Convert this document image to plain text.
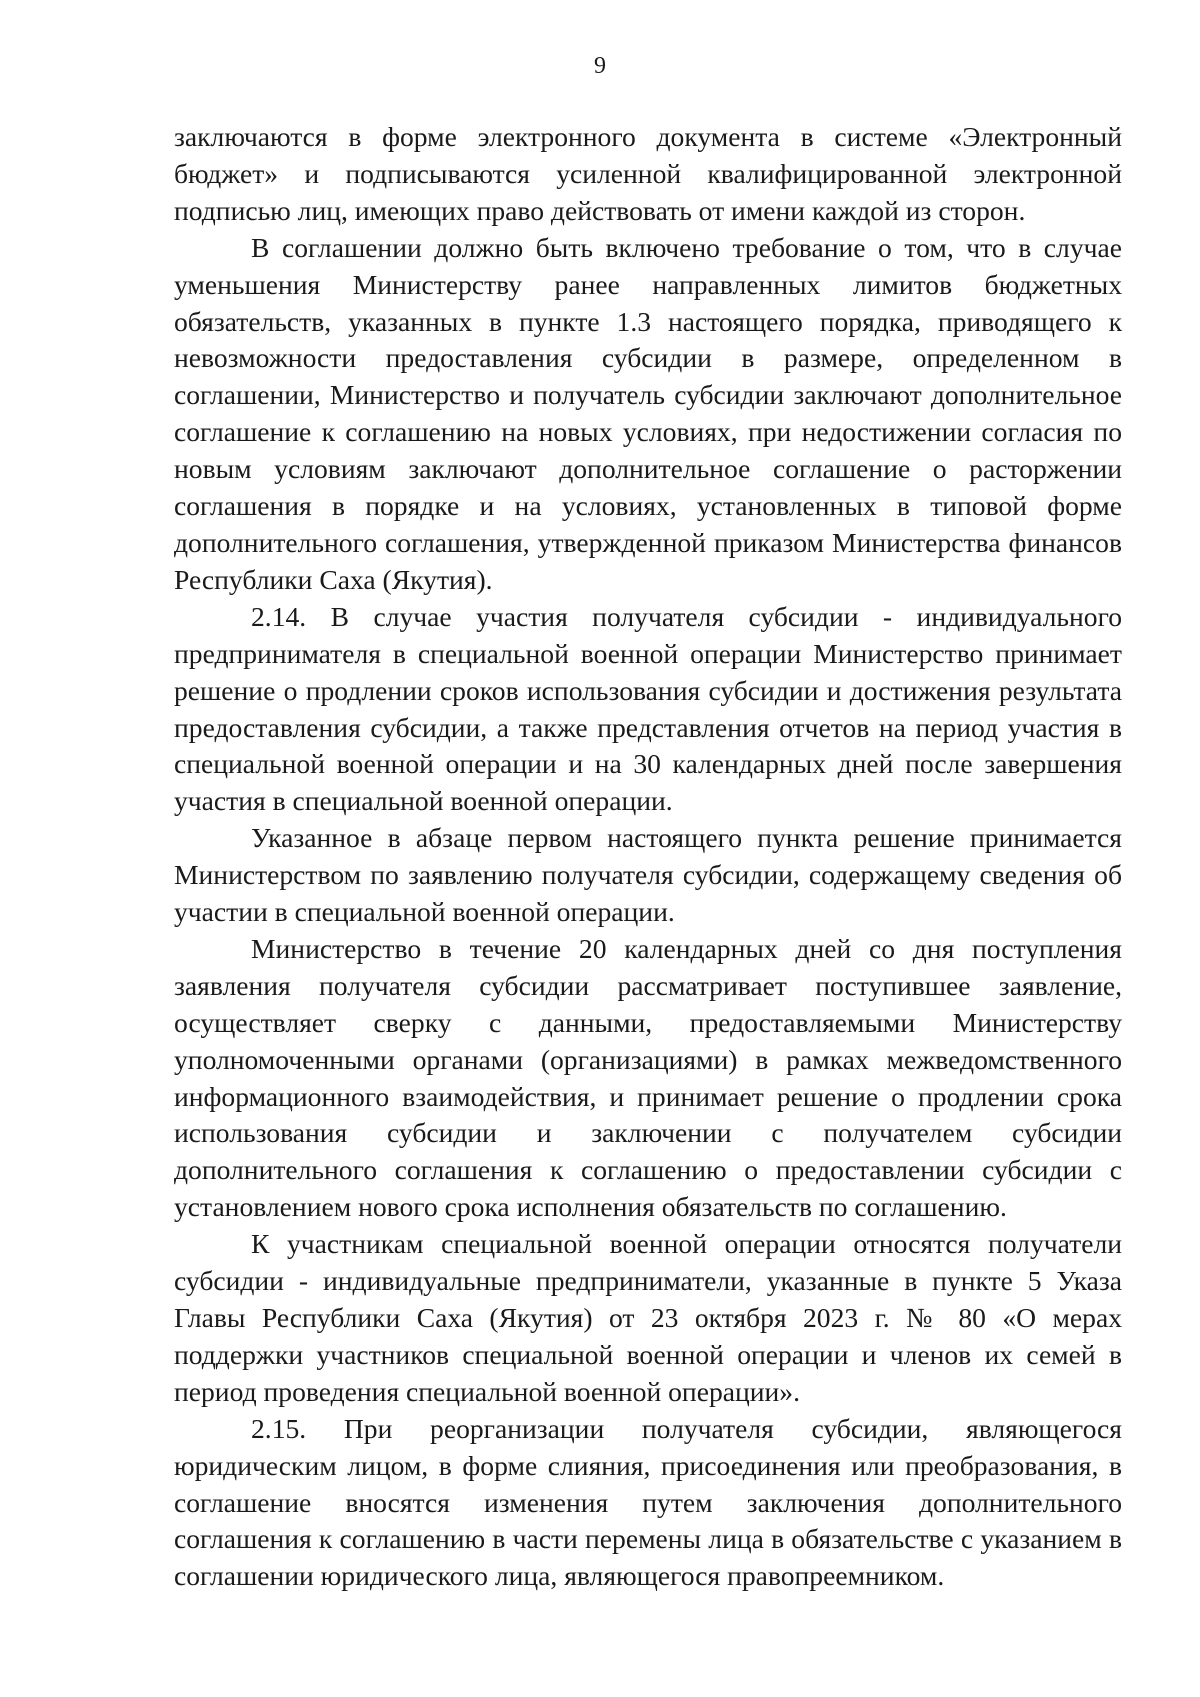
9

заключаются в форме электронного документа в системе «Электронный бюджет» и подписываются усиленной квалифицированной электронной подписью лиц, имеющих право действовать от имени каждой из сторон.

В соглашении должно быть включено требование о том, что в случае уменьшения Министерству ранее направленных лимитов бюджетных обязательств, указанных в пункте 1.3 настоящего порядка, приводящего к невозможности предоставления субсидии в размере, определенном в соглашении, Министерство и получатель субсидии заключают дополнительное соглашение к соглашению на новых условиях, при недостижении согласия по новым условиям заключают дополнительное соглашение о расторжении соглашения в порядке и на условиях, установленных в типовой форме дополнительного соглашения, утвержденной приказом Министерства финансов Республики Саха (Якутия).

2.14. В случае участия получателя субсидии - индивидуального предпринимателя в специальной военной операции Министерство принимает решение о продлении сроков использования субсидии и достижения результата предоставления субсидии, а также представления отчетов на период участия в специальной военной операции и на 30 календарных дней после завершения участия в специальной военной операции.

Указанное в абзаце первом настоящего пункта решение принимается Министерством по заявлению получателя субсидии, содержащему сведения об участии в специальной военной операции.

Министерство в течение 20 календарных дней со дня поступления заявления получателя субсидии рассматривает поступившее заявление, осуществляет сверку с данными, предоставляемыми Министерству уполномоченными органами (организациями) в рамках межведомственного информационного взаимодействия, и принимает решение о продлении срока использования субсидии и заключении с получателем субсидии дополнительного соглашения к соглашению о предоставлении субсидии с установлением нового срока исполнения обязательств по соглашению.

К участникам специальной военной операции относятся получатели субсидии - индивидуальные предприниматели, указанные в пункте 5 Указа Главы Республики Саха (Якутия) от 23 октября 2023 г. № 80 «О мерах поддержки участников специальной военной операции и членов их семей в период проведения специальной военной операции».

2.15. При реорганизации получателя субсидии, являющегося юридическим лицом, в форме слияния, присоединения или преобразования, в соглашение вносятся изменения путем заключения дополнительного соглашения к соглашению в части перемены лица в обязательстве с указанием в соглашении юридического лица, являющегося правопреемником.
